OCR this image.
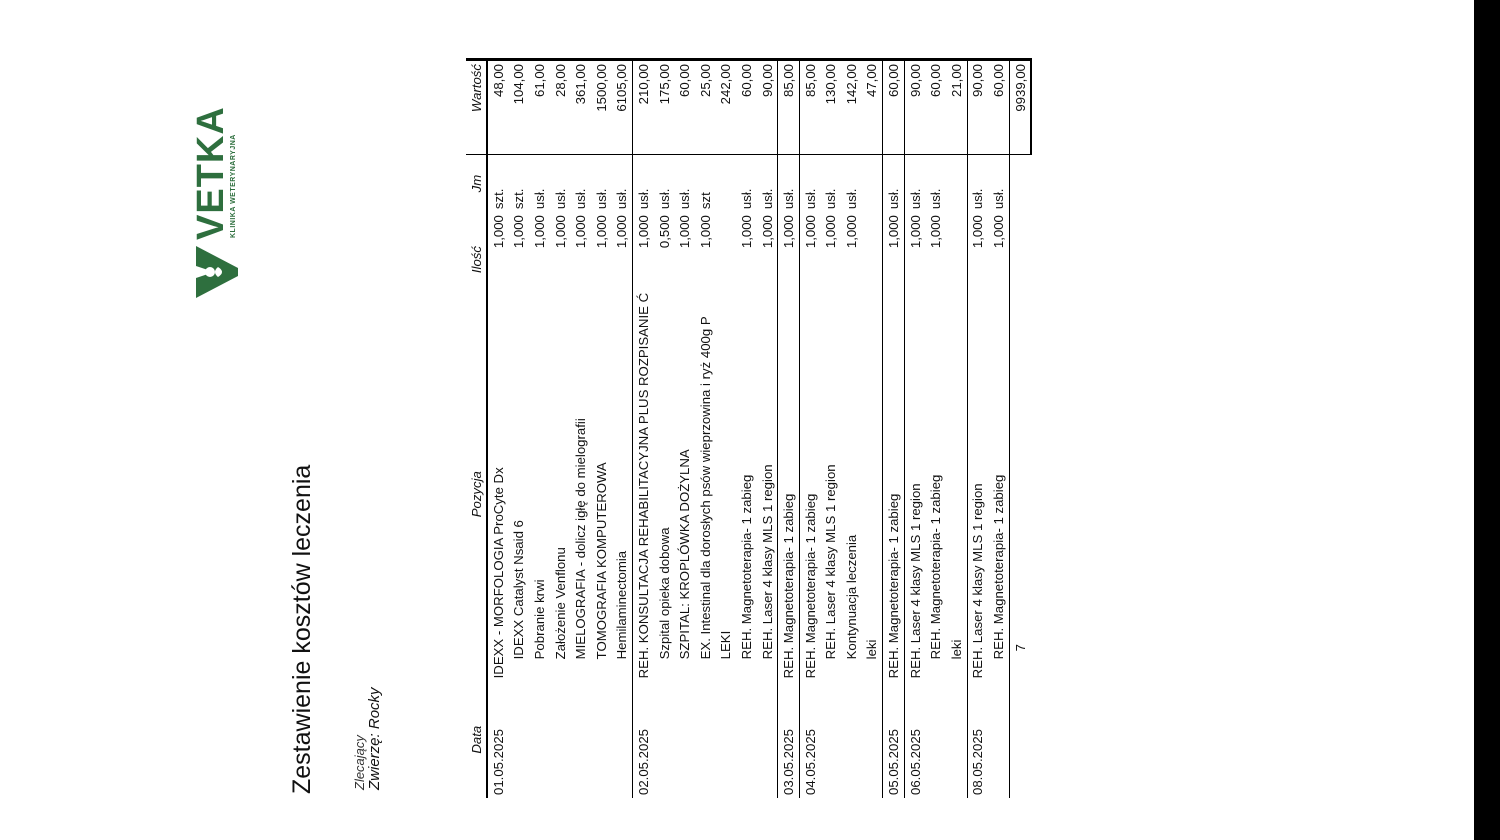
VETKA
KLINIKA WETERYNARYJNA
Zestawienie kosztów leczenia	Zlecający Zwierzę: Rocky
Data	Pozycja	Ilość	Jm	Wartość
01.05.2025	IDEXX - MORFOLOGIA ProCyte Dx	1,000	szt.	48,00
	IDEXX Catalyst Nsaid 6	1,000	szt.	104,00
	Pobranie krwi	1,000	usł.	61,00
	Założenie Venflonu	1,000	usł.	28,00
	MIELOGRAFIA - dolicz igłę do mielografii	1,000	usł.	361,00
	TOMOGRAFIA KOMPUTEROWA	1,000	usł.	1500,00
	Hemilaminectomia	1,000	usł.	6105,00
02.05.2025	REH. KONSULTACJA REHABILITACYJNA PLUS ROZPISANIE Ć	1,000	usł.	210,00
	Szpital opieka dobowa	0,500	usł.	175,00
	SZPITAL: KROPLÓWKA DOŻYLNA	1,000	usł.	60,00
	EX. Intestinal dla dorosłych psów wieprzowina i ryż 400g P	1,000	szt	25,00
	LEKI			242,00
	REH. Magnetoterapia- 1 zabieg	1,000	usł.	60,00
	REH. Laser 4 klasy MLS 1 region	1,000	usł.	90,00
03.05.2025	REH. Magnetoterapia- 1 zabieg	1,000	usł.	85,00
04.05.2025	REH. Magnetoterapia- 1 zabieg	1,000	usł.	85,00
	REH. Laser 4 klasy MLS 1 region	1,000	usł.	130,00
	Kontynuacja leczenia	1,000	usł.	142,00
	leki			47,00
05.05.2025	REH. Magnetoterapia- 1 zabieg	1,000	usł.	60,00
06.05.2025	REH. Laser 4 klasy MLS 1 region	1,000	usł.	90,00
	REH. Magnetoterapia- 1 zabieg	1,000	usł.	60,00
	leki			21,00
08.05.2025	REH. Laser 4 klasy MLS 1 region	1,000	usł.	90,00
	REH. Magnetoterapia- 1 zabieg	1,000	usł.	60,00
	7			9939,00
